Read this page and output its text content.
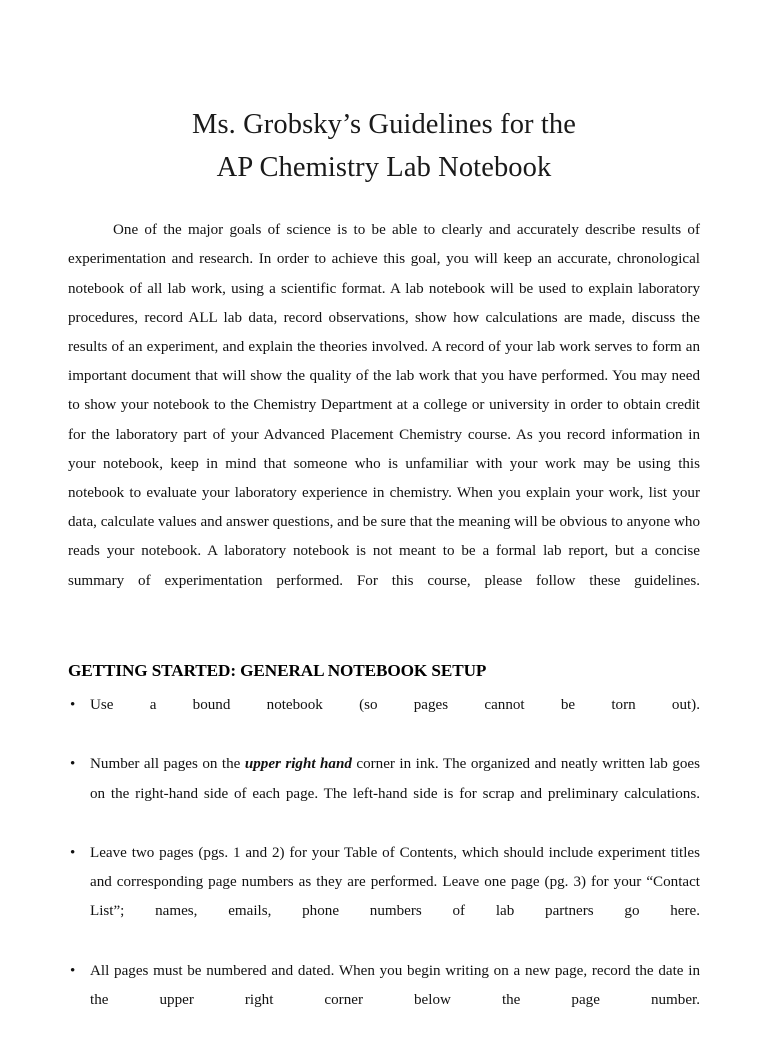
Ms. Grobsky’s Guidelines for the
AP Chemistry Lab Notebook

One of the major goals of science is to be able to clearly and accurately describe results of experimentation and research. In order to achieve this goal, you will keep an accurate, chronological notebook of all lab work, using a scientific format. A lab notebook will be used to explain laboratory procedures, record ALL lab data, record observations, show how calculations are made, discuss the results of an experiment, and explain the theories involved. A record of your lab work serves to form an important document that will show the quality of the lab work that you have performed. You may need to show your notebook to the Chemistry Department at a college or university in order to obtain credit for the laboratory part of your Advanced Placement Chemistry course. As you record information in your notebook, keep in mind that someone who is unfamiliar with your work may be using this notebook to evaluate your laboratory experience in chemistry. When you explain your work, list your data, calculate values and answer questions, and be sure that the meaning will be obvious to anyone who reads your notebook. A laboratory notebook is not meant to be a formal lab report, but a concise summary of experimentation performed. For this course, please follow these guidelines.

GETTING STARTED: GENERAL NOTEBOOK SETUP
• Use a bound notebook (so pages cannot be torn out).
• Number all pages on the upper right hand corner in ink. The organized and neatly written lab goes on the right-hand side of each page. The left-hand side is for scrap and preliminary calculations.
• Leave two pages (pgs. 1 and 2) for your Table of Contents, which should include experiment titles and corresponding page numbers as they are performed. Leave one page (pg. 3) for your “Contact List”; names, emails, phone numbers of lab partners go here.
• All pages must be numbered and dated. When you begin writing on a new page, record the date in the upper right corner below the page number.
